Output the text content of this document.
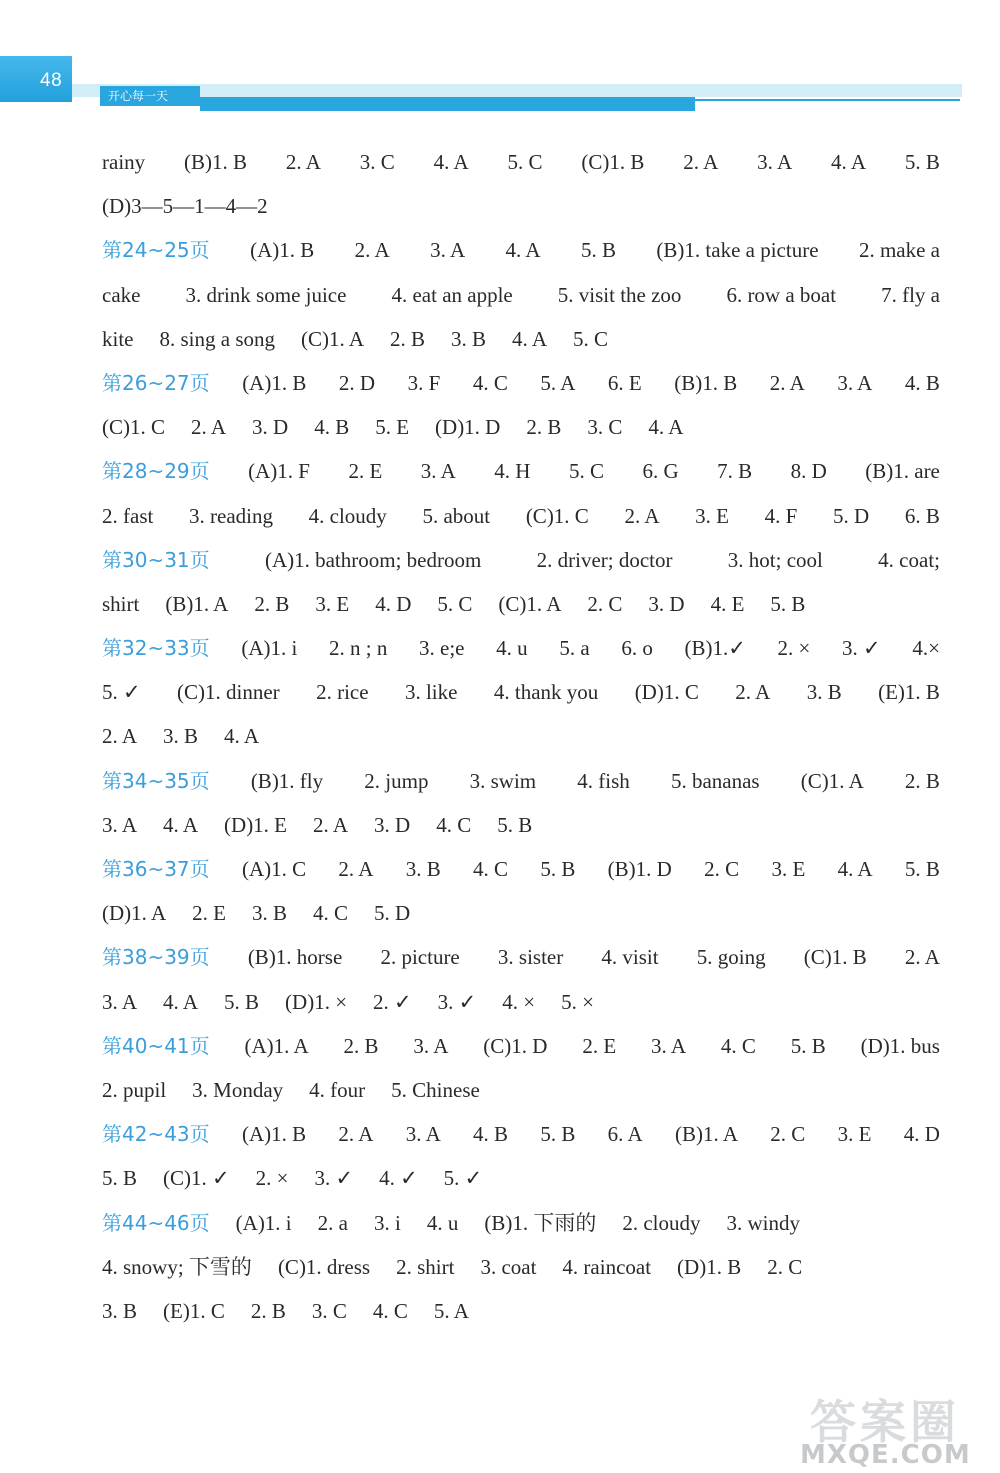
48
开心每一天
rainy (B)1. B 2. A 3. C 4. A 5. C (C)1. B 2. A 3. A 4. A 5. B
(D)3—5—1—4—2
第24~25页 (A)1. B 2. A 3. A 4. A 5. B (B)1. take a picture 2. make a
cake 3. drink some juice 4. eat an apple 5. visit the zoo 6. row a boat 7. fly a
kite 8. sing a song (C)1. A 2. B 3. B 4. A 5. C
第26~27页 (A)1. B 2. D 3. F 4. C 5. A 6. E (B)1. B 2. A 3. A 4. B
(C)1. C 2. A 3. D 4. B 5. E (D)1. D 2. B 3. C 4. A
第28~29页 (A)1. F 2. E 3. A 4. H 5. C 6. G 7. B 8. D (B)1. are
2. fast 3. reading 4. cloudy 5. about (C)1. C 2. A 3. E 4. F 5. D 6. B
第30~31页	(A)1. bathroom; bedroom	2. driver; doctor	3. hot; cool	4. coat;
shirt (B)1. A 2. B 3. E 4. D 5. C (C)1. A 2. C 3. D 4. E 5. B
第32~33页 (A)1. i 2. n ; n 3. e;e 4. u 5. a 6. o (B)1.✓ 2. × 3. ✓ 4.×
5. ✓ (C)1. dinner 2. rice 3. like 4. thank you (D)1. C 2. A 3. B (E)1. B
2. A 3. B 4. A
第34~35页 (B)1. fly 2. jump 3. swim 4. fish 5. bananas (C)1. A 2. B
3. A 4. A (D)1. E 2. A 3. D 4. C 5. B
第36~37页 (A)1. C 2. A 3. B 4. C 5. B (B)1. D 2. C 3. E 4. A 5. B
(D)1. A 2. E 3. B 4. C 5. D
第38~39页 (B)1. horse 2. picture 3. sister 4. visit 5. going (C)1. B 2. A
3. A 4. A 5. B (D)1. × 2. ✓ 3. ✓ 4. × 5. ×
第40~41页 (A)1. A 2. B 3. A (C)1. D 2. E 3. A 4. C 5. B (D)1. bus
2. pupil 3. Monday 4. four 5. Chinese
第42~43页 (A)1. B 2. A 3. A 4. B 5. B 6. A (B)1. A 2. C 3. E 4. D
5. B (C)1. ✓ 2. × 3. ✓ 4. ✓ 5. ✓
第44~46页 (A)1. i 2. a 3. i 4. u (B)1. 下雨的 2. cloudy 3. windy
4. snowy; 下雪的 (C)1. dress 2. shirt 3. coat 4. raincoat (D)1. B 2. C
3. B (E)1. C 2. B 3. C 4. C 5. A
答案圈
MXQE.COM
